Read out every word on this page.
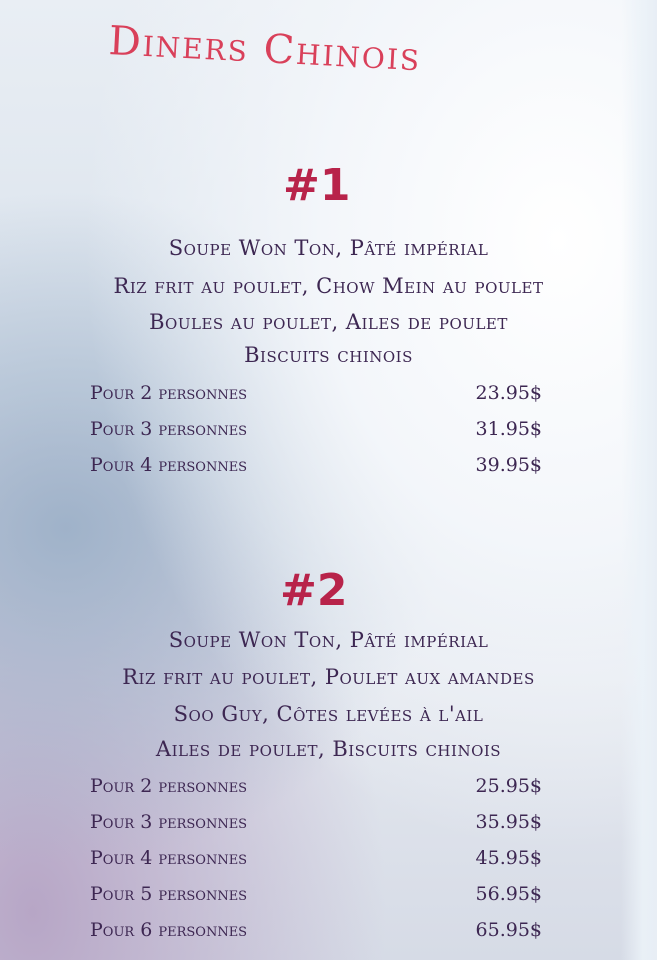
Diners Chinois
#1
Soupe Won Ton, Pâté impérial
Riz frit au poulet, Chow Mein au poulet
Boules au poulet, Ailes de poulet
Biscuits chinois
Pour 2 personnes	23.95$
Pour 3 personnes	31.95$
Pour 4 personnes	39.95$
#2
Soupe Won Ton, Pâté impérial
Riz frit au poulet, Poulet aux amandes
Soo Guy, Côtes levées à l'ail
Ailes de poulet, Biscuits chinois
Pour 2 personnes	25.95$
Pour 3 personnes	35.95$
Pour 4 personnes	45.95$
Pour 5 personnes	56.95$
Pour 6 personnes	65.95$
